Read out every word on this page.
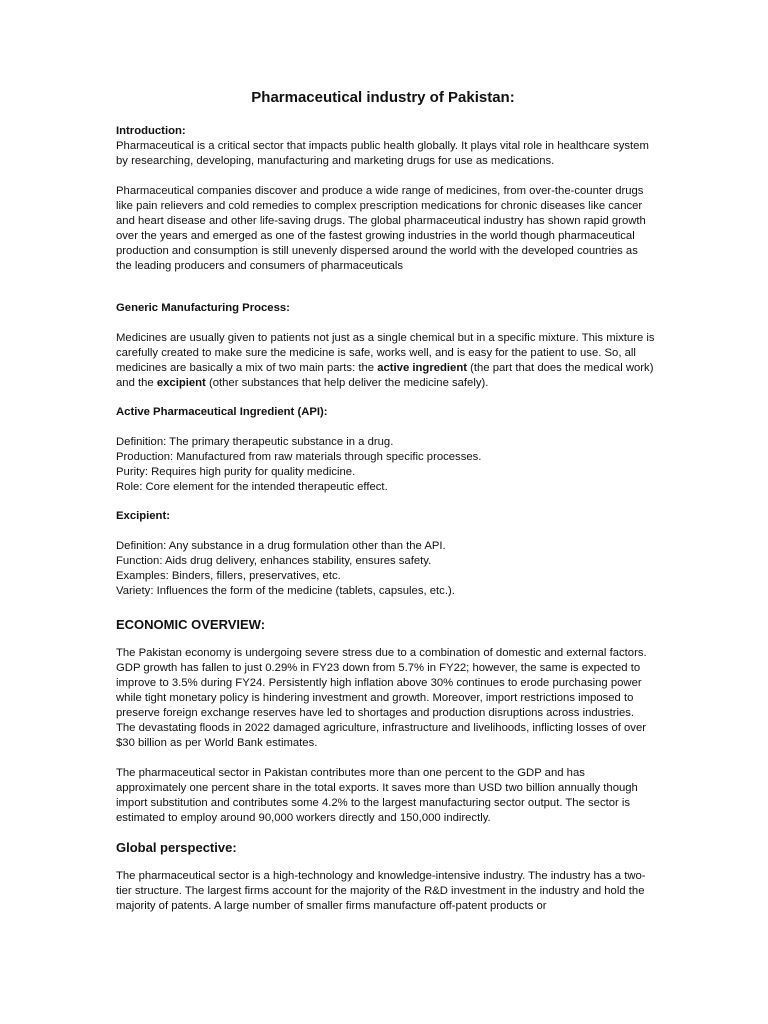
Pharmaceutical industry of Pakistan:
Introduction:

Pharmaceutical is a critical sector that impacts public health globally. It plays vital role in healthcare system by researching, developing, manufacturing and marketing drugs for use as medications.

Pharmaceutical companies discover and produce a wide range of medicines, from over-the-counter drugs like pain relievers and cold remedies to complex prescription medications for chronic diseases like cancer and heart disease and other life-saving drugs. The global pharmaceutical industry has shown rapid growth over the years and emerged as one of the fastest growing industries in the world though pharmaceutical production and consumption is still unevenly dispersed around the world with the developed countries as the leading producers and consumers of pharmaceuticals

Generic Manufacturing Process:

Medicines are usually given to patients not just as a single chemical but in a specific mixture. This mixture is carefully created to make sure the medicine is safe, works well, and is easy for the patient to use. So, all medicines are basically a mix of two main parts: the active ingredient (the part that does the medical work) and the excipient (other substances that help deliver the medicine safely).

Active Pharmaceutical Ingredient (API):

Definition: The primary therapeutic substance in a drug.

Production: Manufactured from raw materials through specific processes.

Purity: Requires high purity for quality medicine.

Role: Core element for the intended therapeutic effect.

Excipient:

Definition: Any substance in a drug formulation other than the API.

Function: Aids drug delivery, enhances stability, ensures safety.

Examples: Binders, fillers, preservatives, etc.

Variety: Influences the form of the medicine (tablets, capsules, etc.).

ECONOMIC OVERVIEW:

The Pakistan economy is undergoing severe stress due to a combination of domestic and external factors. GDP growth has fallen to just 0.29% in FY23 down from 5.7% in FY22; however, the same is expected to improve to 3.5% during FY24. Persistently high inflation above 30% continues to erode purchasing power while tight monetary policy is hindering investment and growth. Moreover, import restrictions imposed to preserve foreign exchange reserves have led to shortages and production disruptions across industries. The devastating floods in 2022 damaged agriculture, infrastructure and livelihoods, inflicting losses of over $30 billion as per World Bank estimates.

The pharmaceutical sector in Pakistan contributes more than one percent to the GDP and has approximately one percent share in the total exports. It saves more than USD two billion annually though import substitution and contributes some 4.2% to the largest manufacturing sector output. The sector is estimated to employ around 90,000 workers directly and 150,000 indirectly.

Global perspective:

The pharmaceutical sector is a high-technology and knowledge-intensive industry. The industry has a two-tier structure. The largest firms account for the majority of the R&D investment in the industry and hold the majority of patents. A large number of smaller firms manufacture off-patent products or
